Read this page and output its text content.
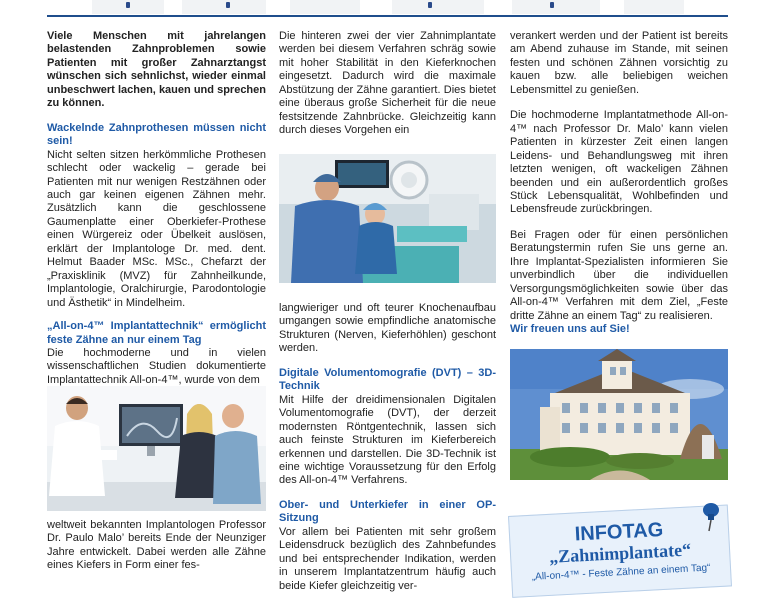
Viele Menschen mit jahrelangen belastenden Zahnproblemen sowie Patienten mit großer Zahnarztangst wünschen sich sehnlichst, wieder einmal unbeschwert lachen, kauen und sprechen zu können.

Wackelnde Zahnprothesen müssen nicht sein!

Nicht selten sitzen herkömmliche Prothesen schlecht oder wackelig – gerade bei Patienten mit nur wenigen Restzähnen oder auch gar keinen eigenen Zähnen mehr. Zusätzlich kann die geschlossene Gaumenplatte einer Oberkiefer-Prothese einen Würgereiz oder Übelkeit auslösen, erklärt der Implantologe Dr. med. dent. Helmut Baader MSc. MSc., Chefarzt der „Praxisklinik (MVZ) für Zahnheilkunde, Implantologie, Oralchirurgie, Parodontologie und Ästhetik“ in Mindelheim.

„All-on-4™ Implantattechnik“ ermöglicht feste Zähne an nur einem Tag

Die hochmoderne und in vielen wissenschaftlichen Studien dokumentierte Implantattechnik All-on-4™, wurde von dem

weltweit bekannten Implantologen Professor Dr. Paulo Malo’ bereits Ende der Neunziger Jahre entwickelt. Dabei werden alle Zähne eines Kiefers in Form einer fes-

Die hinteren zwei der vier Zahnimplantate werden bei diesem Verfahren schräg sowie mit hoher Stabilität in den Kieferknochen eingesetzt. Dadurch wird die maximale Abstützung der Zähne garantiert. Dies bietet eine überaus große Sicherheit für die neue festsitzende Zahnbrücke. Gleichzeitig kann durch dieses Vorgehen ein

langwieriger und oft teurer Knochenaufbau umgangen sowie empfindliche anatomische Strukturen (Nerven, Kieferhöhlen) geschont werden.

Digitale Volumentomografie (DVT) – 3D-Technik

Mit Hilfe der dreidimensionalen Digitalen Volumentomografie (DVT), der derzeit modernsten Röntgentechnik, lassen sich auch feinste Strukturen im Kieferbereich erkennen und darstellen. Die 3D-Technik ist eine wichtige Voraussetzung für den Erfolg des All-on-4™ Verfahrens.

Ober- und Unterkiefer in einer OP-Sitzung

Vor allem bei Patienten mit sehr großem Leidensdruck bezüglich des Zahnbefundes und bei entsprechender Indikation, werden in unserem Implantatzentrum häufig auch beide Kiefer gleichzeitig ver-

verankert werden und der Patient ist bereits am Abend zuhause im Stande, mit seinen festen und schönen Zähnen vorsichtig zu kauen bzw. alle beliebigen weichen Lebensmittel zu genießen.

Die hochmoderne Implantatmethode All-on-4™ nach Professor Dr. Malo’ kann vielen Patienten in kürzester Zeit einen langen Leidens- und Behandlungsweg mit ihren letzten wenigen, oft wackeligen Zähnen beenden und ein außerordentlich großes Stück Lebensqualität, Wohlbefinden und Lebensfreude zurückbringen.

Bei Fragen oder für einen persönlichen Beratungstermin rufen Sie uns gerne an. Ihre Implantat-Spezialisten informieren Sie unverbindlich über die individuellen Versorgungsmöglichkeiten sowie über das All-on-4™ Verfahren mit dem Ziel, „Feste dritte Zähne an einem Tag“ zu realisieren.

Wir freuen uns auf Sie!

INFOTAG
„Zahnimplantate“
„All-on-4™ - Feste Zähne an einem Tag“
